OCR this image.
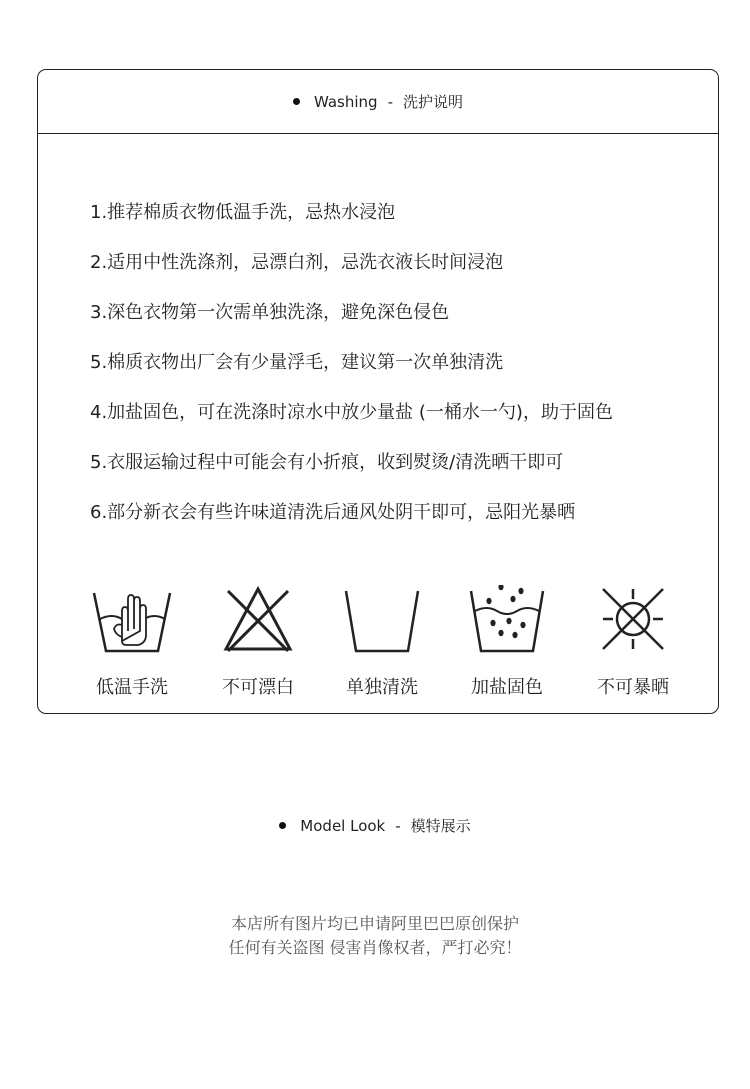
Washing - 洗护说明
1.推荐棉质衣物低温手洗，忌热水浸泡
2.适用中性洗涤剂，忌漂白剂，忌洗衣液长时间浸泡
3.深色衣物第一次需单独洗涤，避免深色侵色
5.棉质衣物出厂会有少量浮毛，建议第一次单独清洗
4.加盐固色，可在洗涤时凉水中放少量盐 (一桶水一勺)，助于固色
5.衣服运输过程中可能会有小折痕，收到熨烫/清洗晒干即可
6.部分新衣会有些许味道清洗后通风处阴干即可，忌阳光暴晒
低温手洗	不可漂白	单独清洗	加盐固色	不可暴晒
Model Look - 模特展示
本店所有图片均已申请阿里巴巴原创保护
任何有关盗图 侵害肖像权者，严打必究！
